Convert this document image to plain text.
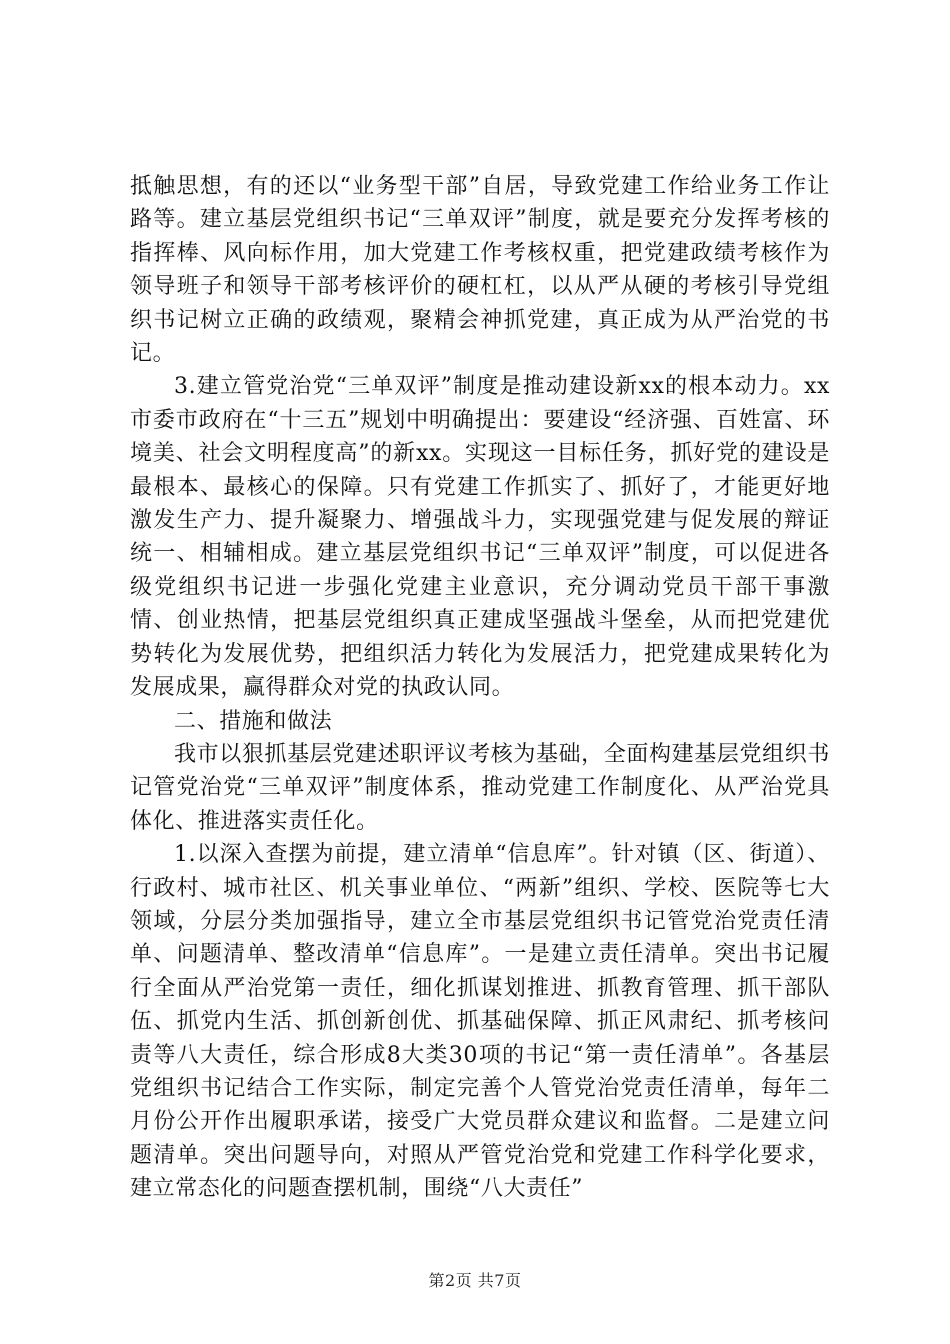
抵触思想，有的还以“业务型干部”自居，导致党建工作给业务工作让路等。建立基层党组织书记“三单双评”制度，就是要充分发挥考核的指挥棒、风向标作用，加大党建工作考核权重，把党建政绩考核作为领导班子和领导干部考核评价的硬杠杠，以从严从硬的考核引导党组织书记树立正确的政绩观，聚精会神抓党建，真正成为从严治党的书记。

3.建立管党治党“三单双评”制度是推动建设新xx的根本动力。xx市委市政府在“十三五”规划中明确提出：要建设“经济强、百姓富、环境美、社会文明程度高”的新xx。实现这一目标任务，抓好党的建设是最根本、最核心的保障。只有党建工作抓实了、抓好了，才能更好地激发生产力、提升凝聚力、增强战斗力，实现强党建与促发展的辩证统一、相辅相成。建立基层党组织书记“三单双评”制度，可以促进各级党组织书记进一步强化党建主业意识，充分调动党员干部干事激情、创业热情，把基层党组织真正建成坚强战斗堡垒，从而把党建优势转化为发展优势，把组织活力转化为发展活力，把党建成果转化为发展成果，赢得群众对党的执政认同。

二、措施和做法

我市以狠抓基层党建述职评议考核为基础，全面构建基层党组织书记管党治党“三单双评”制度体系，推动党建工作制度化、从严治党具体化、推进落实责任化。

1.以深入查摆为前提，建立清单“信息库”。针对镇（区、街道）、行政村、城市社区、机关事业单位、“两新”组织、学校、医院等七大领域，分层分类加强指导，建立全市基层党组织书记管党治党责任清单、问题清单、整改清单“信息库”。一是建立责任清单。突出书记履行全面从严治党第一责任，细化抓谋划推进、抓教育管理、抓干部队伍、抓党内生活、抓创新创优、抓基础保障、抓正风肃纪、抓考核问责等八大责任，综合形成8大类30项的书记“第一责任清单”。各基层党组织书记结合工作实际，制定完善个人管党治党责任清单，每年二月份公开作出履职承诺，接受广大党员群众建议和监督。二是建立问题清单。突出问题导向，对照从严管党治党和党建工作科学化要求，建立常态化的问题查摆机制，围绕“八大责任”

第2页 共7页
